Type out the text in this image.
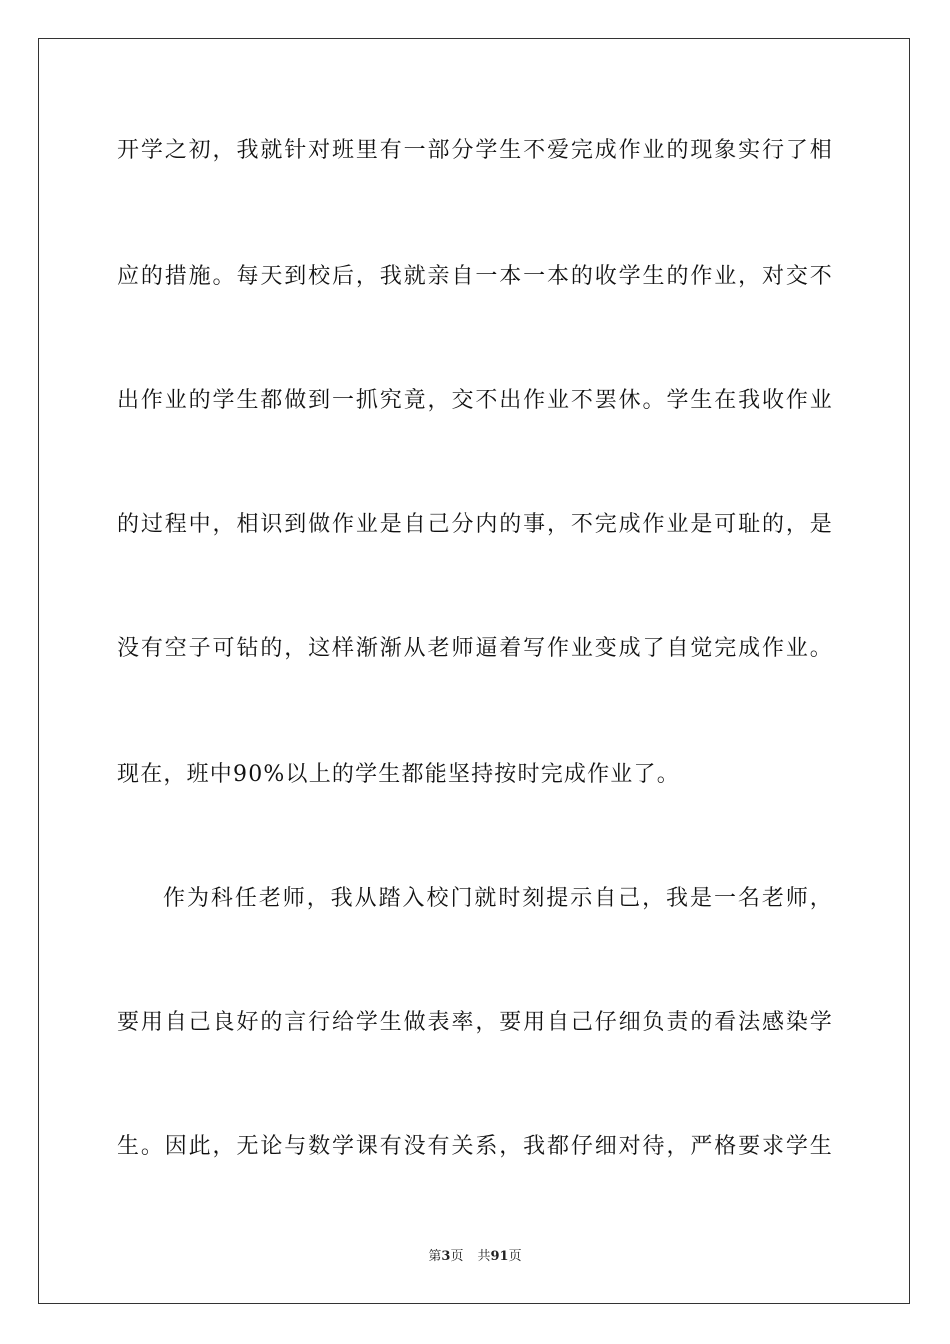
开学之初，我就针对班里有一部分学生不爱完成作业的现象实行了相
应的措施。每天到校后，我就亲自一本一本的收学生的作业，对交不
出作业的学生都做到一抓究竟，交不出作业不罢休。学生在我收作业
的过程中，相识到做作业是自己分内的事，不完成作业是可耻的，是
没有空子可钻的，这样渐渐从老师逼着写作业变成了自觉完成作业。
现在，班中90%以上的学生都能坚持按时完成作业了。
作为科任老师，我从踏入校门就时刻提示自己，我是一名老师，
要用自己良好的言行给学生做表率，要用自己仔细负责的看法感染学
生。因此，无论与数学课有没有关系，我都仔细对待，严格要求学生
第3页 共91页
